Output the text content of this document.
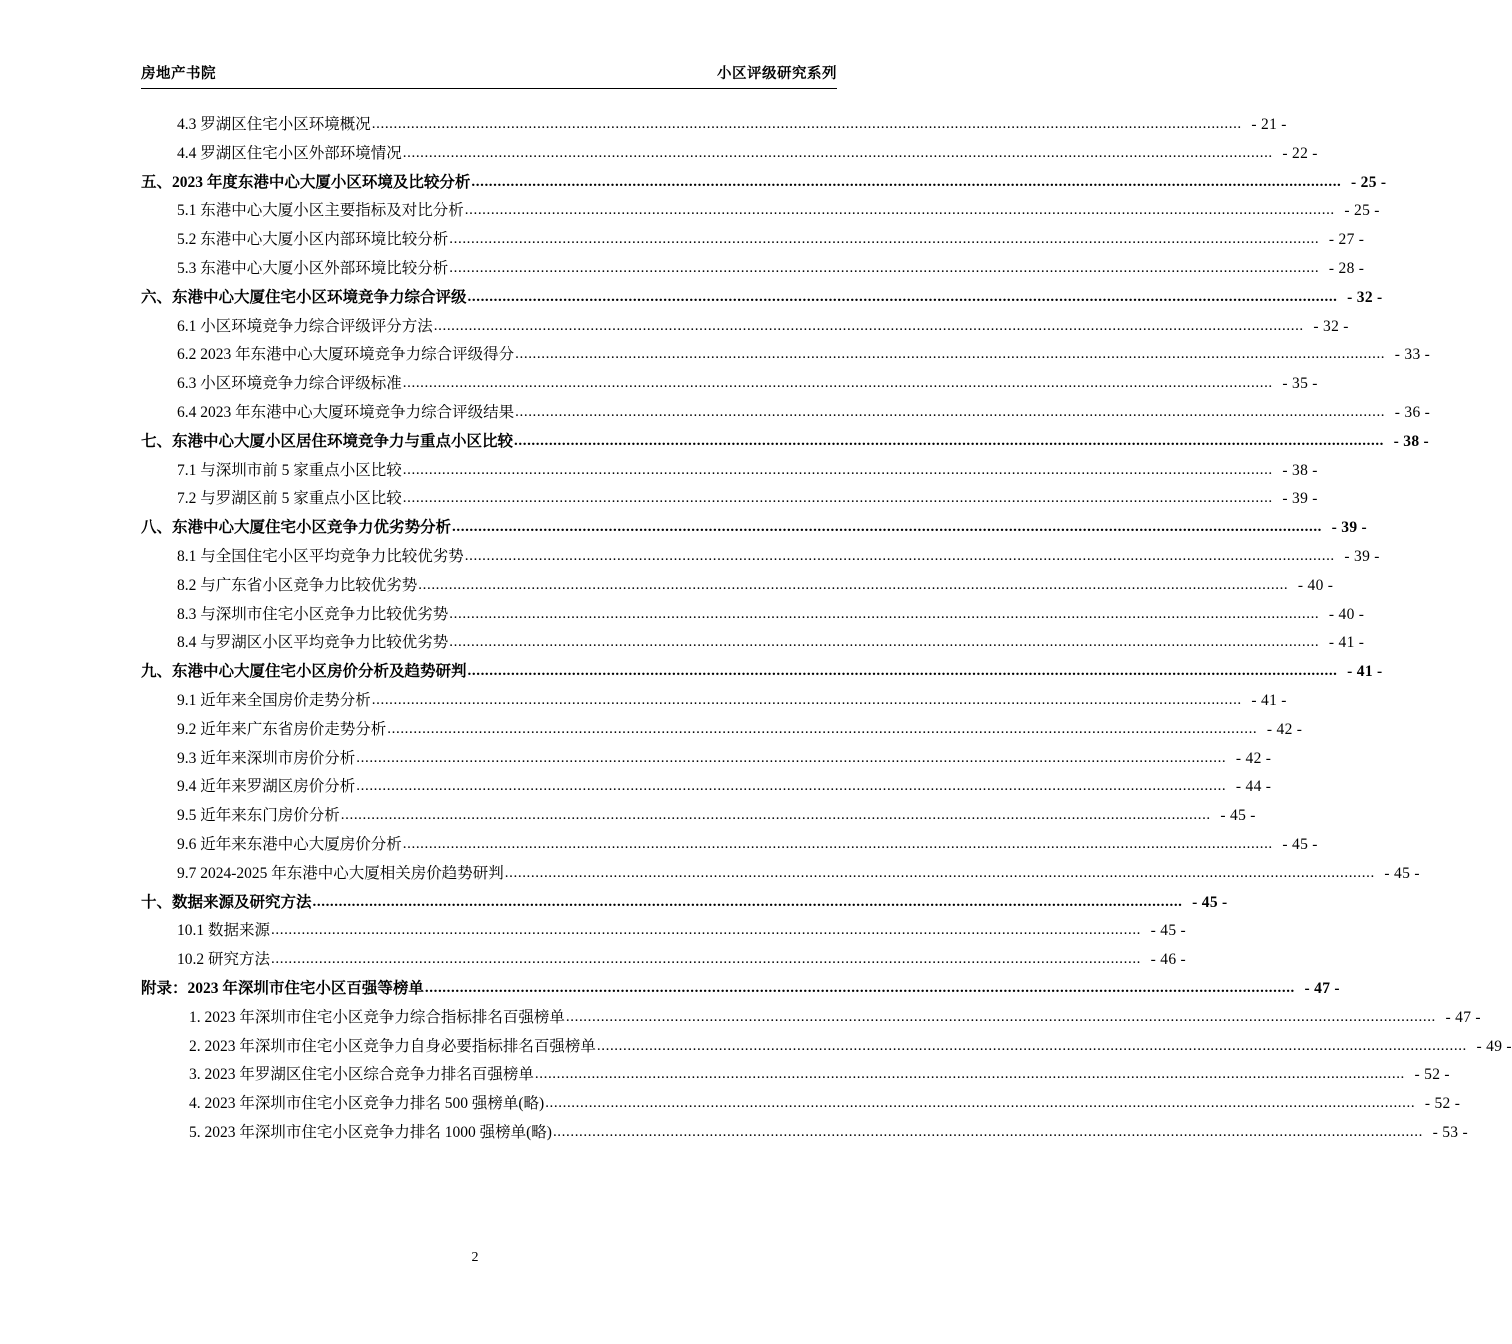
房地产书院	小区评级研究系列
4.3 罗湖区住宅小区环境概况 ........................................................................................................................................................................................................ - 21 -
4.4 罗湖区住宅小区外部环境情况 ........................................................................................................................................................................................................ - 22 -
五、2023 年度东港中心大厦小区环境及比较分析 ........................................................................................................................................................................................................ - 25 -
5.1 东港中心大厦小区主要指标及对比分析 ........................................................................................................................................................................................................ - 25 -
5.2 东港中心大厦小区内部环境比较分析 ........................................................................................................................................................................................................ - 27 -
5.3 东港中心大厦小区外部环境比较分析 ........................................................................................................................................................................................................ - 28 -
六、东港中心大厦住宅小区环境竞争力综合评级 ........................................................................................................................................................................................................ - 32 -
6.1 小区环境竞争力综合评级评分方法 ........................................................................................................................................................................................................ - 32 -
6.2 2023 年东港中心大厦环境竞争力综合评级得分 ........................................................................................................................................................................................................ - 33 -
6.3 小区环境竞争力综合评级标准 ........................................................................................................................................................................................................ - 35 -
6.4 2023 年东港中心大厦环境竞争力综合评级结果 ........................................................................................................................................................................................................ - 36 -
七、东港中心大厦小区居住环境竞争力与重点小区比较 ........................................................................................................................................................................................................ - 38 -
7.1 与深圳市前 5 家重点小区比较 ........................................................................................................................................................................................................ - 38 -
7.2 与罗湖区前 5 家重点小区比较 ........................................................................................................................................................................................................ - 39 -
八、东港中心大厦住宅小区竞争力优劣势分析 ........................................................................................................................................................................................................ - 39 -
8.1 与全国住宅小区平均竞争力比较优劣势 ........................................................................................................................................................................................................ - 39 -
8.2 与广东省小区竞争力比较优劣势 ........................................................................................................................................................................................................ - 40 -
8.3 与深圳市住宅小区竞争力比较优劣势 ........................................................................................................................................................................................................ - 40 -
8.4 与罗湖区小区平均竞争力比较优劣势 ........................................................................................................................................................................................................ - 41 -
九、东港中心大厦住宅小区房价分析及趋势研判 ........................................................................................................................................................................................................ - 41 -
9.1 近年来全国房价走势分析 ........................................................................................................................................................................................................ - 41 -
9.2 近年来广东省房价走势分析 ........................................................................................................................................................................................................ - 42 -
9.3 近年来深圳市房价分析 ........................................................................................................................................................................................................ - 42 -
9.4 近年来罗湖区房价分析 ........................................................................................................................................................................................................ - 44 -
9.5 近年来东门房价分析 ........................................................................................................................................................................................................ - 45 -
9.6 近年来东港中心大厦房价分析 ........................................................................................................................................................................................................ - 45 -
9.7 2024-2025 年东港中心大厦相关房价趋势研判 ........................................................................................................................................................................................................ - 45 -
十、数据来源及研究方法 ........................................................................................................................................................................................................ - 45 -
10.1 数据来源 ........................................................................................................................................................................................................ - 45 -
10.2 研究方法 ........................................................................................................................................................................................................ - 46 -
附录：2023 年深圳市住宅小区百强等榜单 ........................................................................................................................................................................................................ - 47 -
1. 2023 年深圳市住宅小区竞争力综合指标排名百强榜单 ........................................................................................................................................................................................................ - 47 -
2. 2023 年深圳市住宅小区竞争力自身必要指标排名百强榜单 ........................................................................................................................................................................................................ - 49 -
3. 2023 年罗湖区住宅小区综合竞争力排名百强榜单 ........................................................................................................................................................................................................ - 52 -
4. 2023 年深圳市住宅小区竞争力排名 500 强榜单(略) ........................................................................................................................................................................................................ - 52 -
5. 2023 年深圳市住宅小区竞争力排名 1000 强榜单(略) ........................................................................................................................................................................................................ - 53 -
2
